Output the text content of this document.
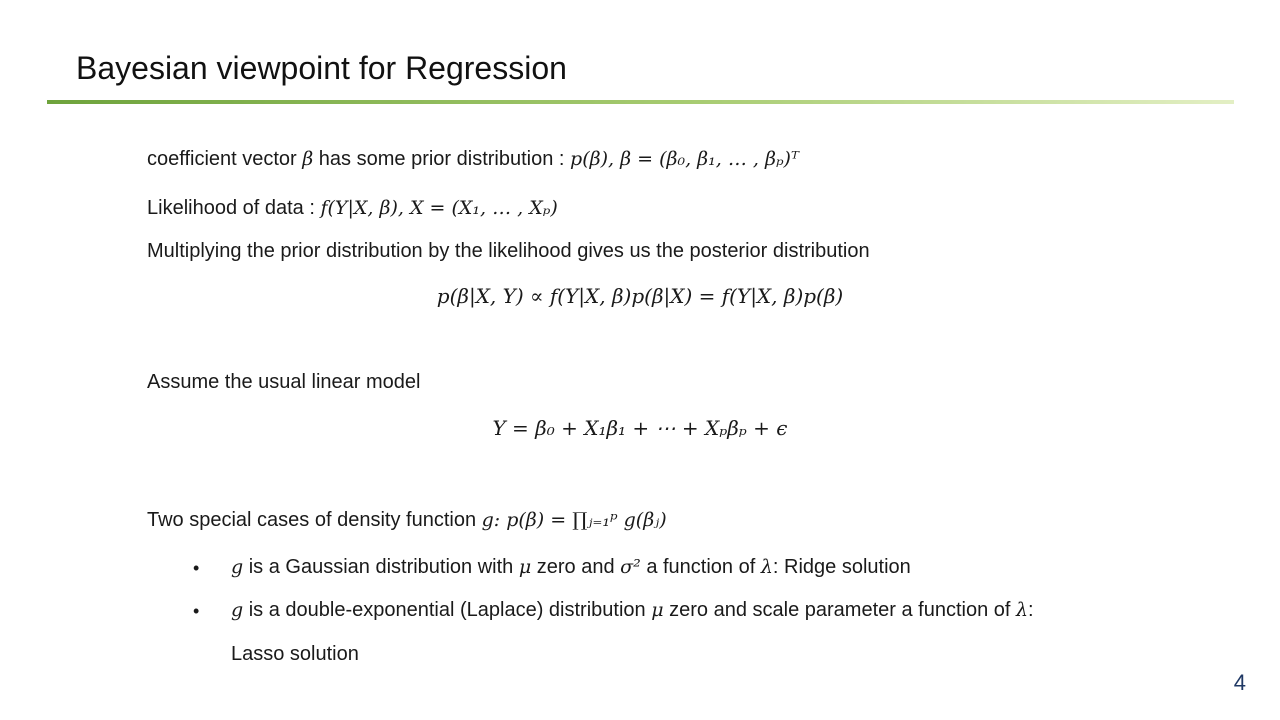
Bayesian viewpoint for Regression
coefficient vector β has some prior distribution : p(β), β = (β₀, β₁, … , βₚ)ᵀ
Likelihood of data : f(Y|X, β), X = (X₁, … , Xₚ)
Multiplying the prior distribution by the likelihood gives us the posterior distribution
p(β|X, Y) ∝ f(Y|X, β)p(β|X) = f(Y|X, β)p(β)
Assume the usual linear model
Y = β₀ + X₁β₁ + ⋯ + Xₚβₚ + ϵ
Two special cases of density function g: p(β) = ∏ⱼ₌₁ᵖ g(βⱼ)
• g is a Gaussian distribution with μ zero and σ² a function of λ: Ridge solution
• g is a double-exponential (Laplace) distribution μ zero and scale parameter a function of λ:
Lasso solution
4
